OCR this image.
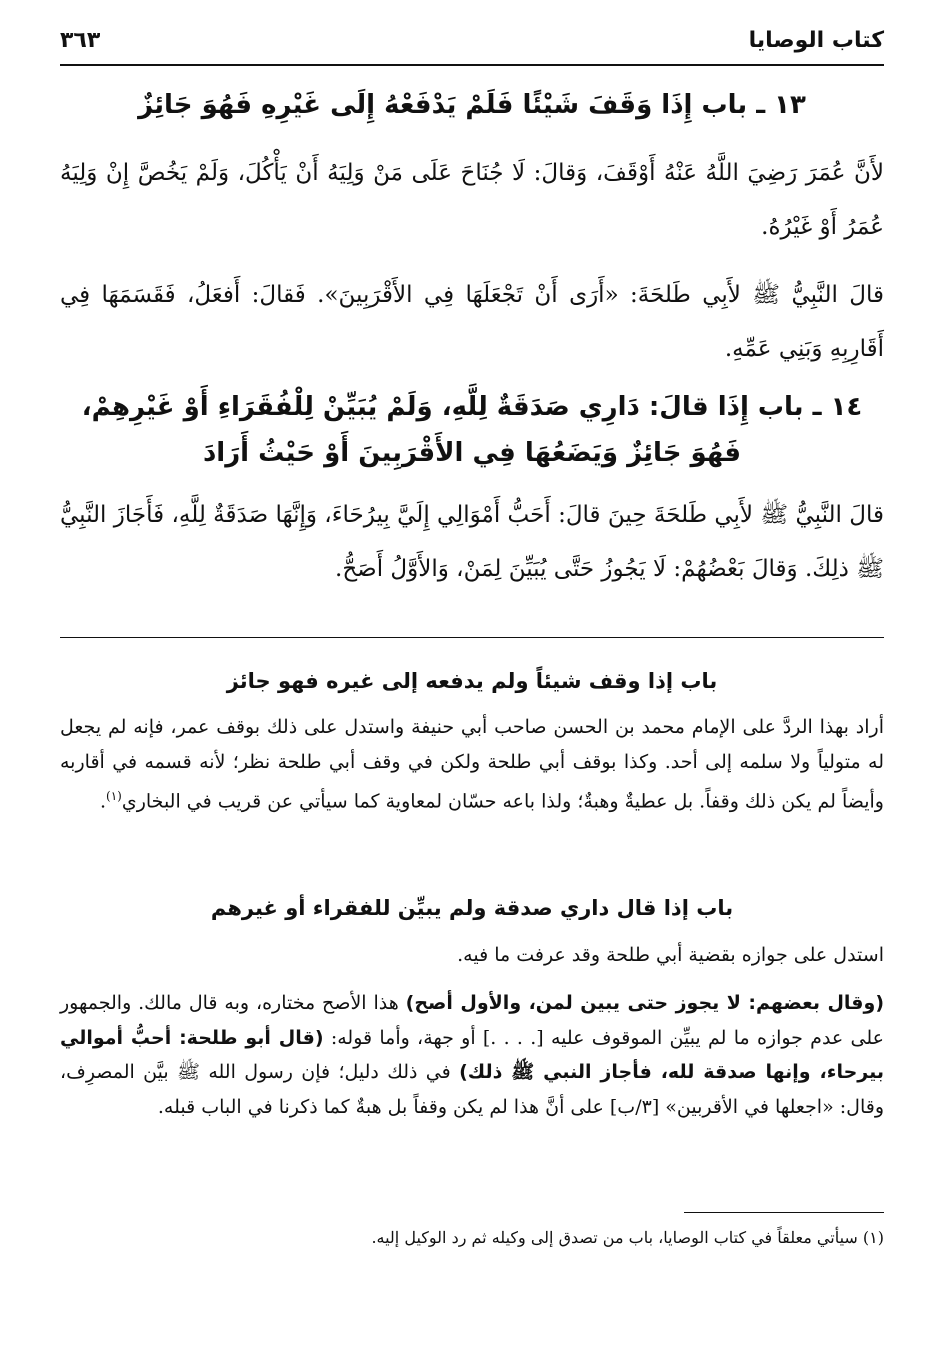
كتاب الوصايا
٣٦٣
١٣ ـ باب إِذَا وَقَفَ شَيْئًا فَلَمْ يَدْفَعْهُ إِلَى غَيْرِهِ فَهُوَ جَائِزٌ
لأَنَّ عُمَرَ رَضِيَ اللَّهُ عَنْهُ أَوْقَفَ، وَقالَ: لَا جُنَاحَ عَلَى مَنْ وَلِيَهُ أَنْ يَأْكُلَ، وَلَمْ يَخُصَّ إِنْ وَلِيَهُ عُمَرُ أَوْ غَيْرُهُ.
قالَ النَّبِيُّ ﷺ لأَبِي طَلحَةَ: «أَرَى أَنْ تَجْعَلَهَا فِي الأَقْرَبِينَ». فَقالَ: أَفعَلُ، فَقَسَمَهَا فِي أَقَارِبِهِ وَبَنِي عَمِّهِ.
١٤ ـ باب إِذَا قالَ: دَارِي صَدَقَةٌ لِلَّهِ، وَلَمْ يُبَيِّنْ لِلْفُقَرَاءِ أَوْ غَيْرِهِمْ،
فَهُوَ جَائِزٌ وَيَضَعُهَا فِي الأَقْرَبِينَ أَوْ حَيْثُ أَرَادَ
قالَ النَّبِيُّ ﷺ لأَبِي طَلحَةَ حِينَ قالَ: أَحَبُّ أَمْوَالِي إِلَيَّ بِيرُحَاءَ، وَإِنَّهَا صَدَقَةٌ لِلَّهِ، فَأَجَازَ النَّبِيُّ ﷺ ذلِكَ. وَقالَ بَعْضُهُمْ: لَا يَجُوزُ حَتَّى يُبَيِّنَ لِمَنْ، وَالأَوَّلُ أَصَحُّ.
باب إذا وقف شيئاً ولم يدفعه إلى غيره فهو جائز
أراد بهذا الردَّ على الإمام محمد بن الحسن صاحب أبي حنيفة واستدل على ذلك بوقف عمر، فإنه لم يجعل له متولياً ولا سلمه إلى أحد. وكذا بوقف أبي طلحة ولكن في وقف أبي طلحة نظر؛ لأنه قسمه في أقاربه وأيضاً لم يكن ذلك وقفاً. بل عطيةٌ وهبةٌ؛ ولذا باعه حسّان لمعاوية كما سيأتي عن قريب في البخاري$^{(١)}$.
باب إذا قال داري صدقة ولم يبيِّن للفقراء أو غيرهم
استدل على جوازه بقضية أبي طلحة وقد عرفت ما فيه.
(وقال بعضهم: لا يجوز حتى يبين لمن، والأول أصح) هذا الأصح مختاره، وبه قال مالك. والجمهور على عدم جوازه ما لم يبيِّن الموقوف عليه [. . . .] أو جهة، وأما قوله: (قال أبو طلحة: أحبُّ أموالي بيرحاء، وإنها صدقة لله، فأجاز النبي ﷺ ذلك) في ذلك دليل؛ فإن رسول الله ﷺ بيَّن المصرِف، وقال: «اجعلها في الأقربين» [٣/ب] على أنَّ هذا لم يكن وقفاً بل هبةٌ كما ذكرنا في الباب قبله.
(١) سيأتي معلقاً في كتاب الوصايا، باب من تصدق إلى وكيله ثم رد الوكيل إليه.
